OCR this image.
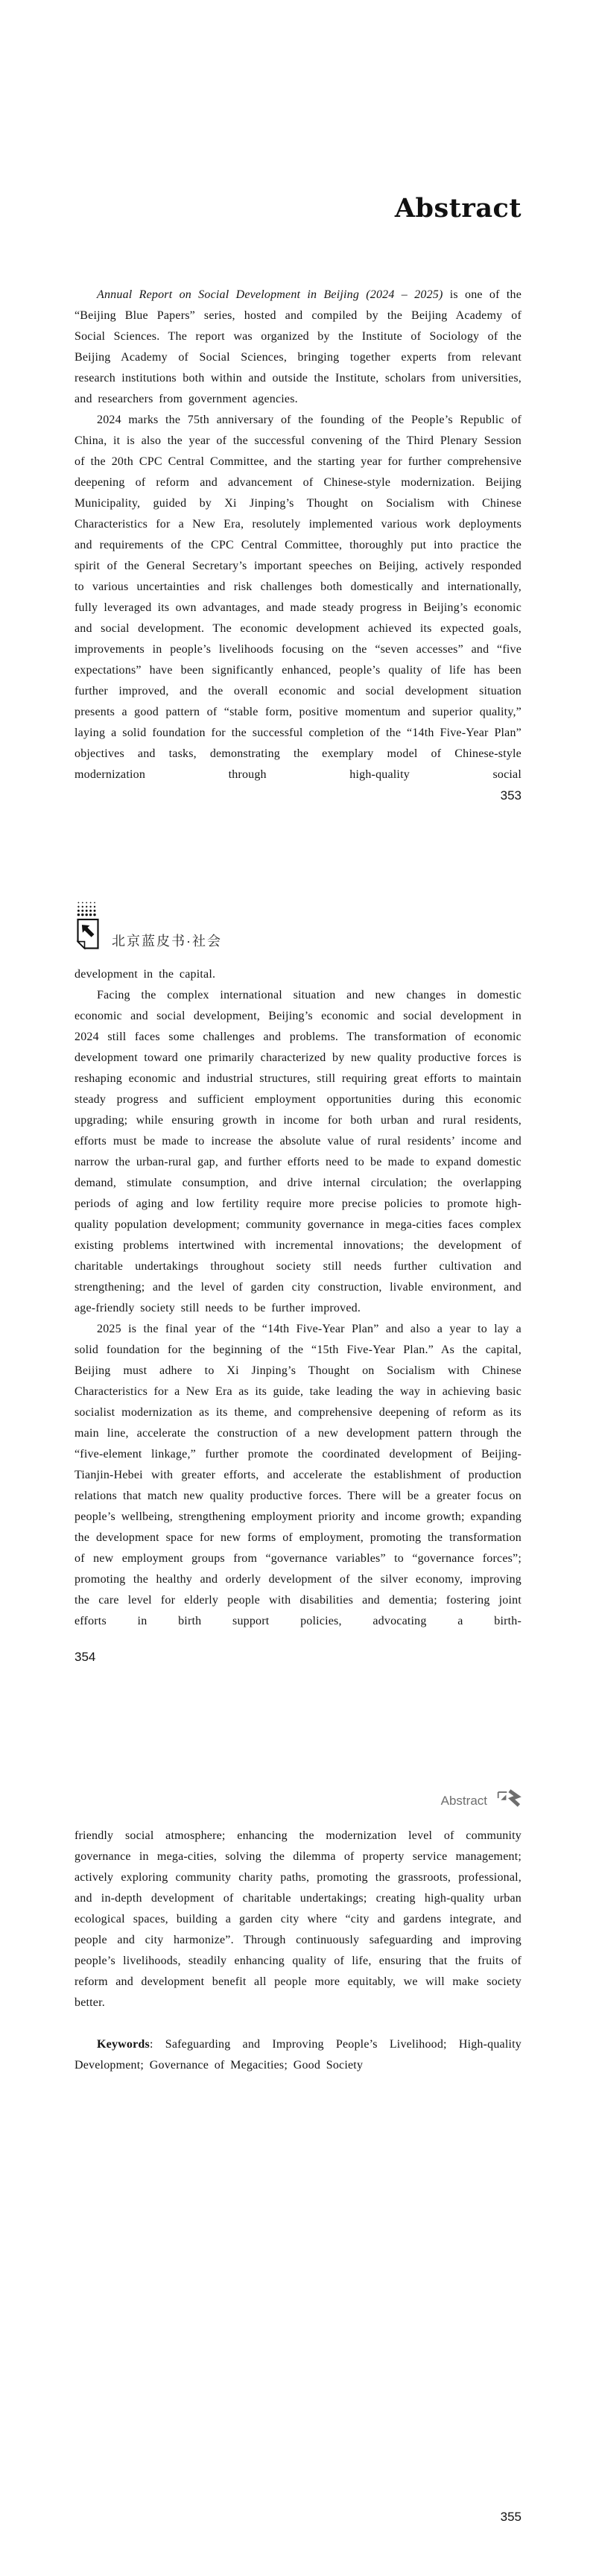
Abstract

Annual Report on Social Development in Beijing (2024 – 2025) is one of the “Beijing Blue Papers” series, hosted and compiled by the Beijing Academy of Social Sciences. The report was organized by the Institute of Sociology of the Beijing Academy of Social Sciences, bringing together experts from relevant research institutions both within and outside the Institute, scholars from universities, and researchers from government agencies.

2024 marks the 75th anniversary of the founding of the People’s Republic of China, it is also the year of the successful convening of the Third Plenary Session of the 20th CPC Central Committee, and the starting year for further comprehensive deepening of reform and advancement of Chinese-style modernization. Beijing Municipality, guided by Xi Jinping’s Thought on Socialism with Chinese Characteristics for a New Era, resolutely implemented various work deployments and requirements of the CPC Central Committee, thoroughly put into practice the spirit of the General Secretary’s important speeches on Beijing, actively responded to various uncertainties and risk challenges both domestically and internationally, fully leveraged its own advantages, and made steady progress in Beijing’s economic and social development. The economic development achieved its expected goals, improvements in people’s livelihoods focusing on the “seven accesses” and “five expectations” have been significantly enhanced, people’s quality of life has been further improved, and the overall economic and social development situation presents a good pattern of “stable form, positive momentum and superior quality,” laying a solid foundation for the successful completion of the “14th Five-Year Plan” objectives and tasks, demonstrating the exemplary model of Chinese-style modernization through high-quality social

353
北京蓝皮书·社会

development in the capital.

Facing the complex international situation and new changes in domestic economic and social development, Beijing’s economic and social development in 2024 still faces some challenges and problems. The transformation of economic development toward one primarily characterized by new quality productive forces is reshaping economic and industrial structures, still requiring great efforts to maintain steady progress and sufficient employment opportunities during this economic upgrading; while ensuring growth in income for both urban and rural residents, efforts must be made to increase the absolute value of rural residents’ income and narrow the urban-rural gap, and further efforts need to be made to expand domestic demand, stimulate consumption, and drive internal circulation; the overlapping periods of aging and low fertility require more precise policies to promote high-quality population development; community governance in mega-cities faces complex existing problems intertwined with incremental innovations; the development of charitable undertakings throughout society still needs further cultivation and strengthening; and the level of garden city construction, livable environment, and age-friendly society still needs to be further improved.

2025 is the final year of the “14th Five-Year Plan” and also a year to lay a solid foundation for the beginning of the “15th Five-Year Plan.” As the capital, Beijing must adhere to Xi Jinping’s Thought on Socialism with Chinese Characteristics for a New Era as its guide, take leading the way in achieving basic socialist modernization as its theme, and comprehensive deepening of reform as its main line, accelerate the construction of a new development pattern through the “five-element linkage,” further promote the coordinated development of Beijing-Tianjin-Hebei with greater efforts, and accelerate the establishment of production relations that match new quality productive forces. There will be a greater focus on people’s wellbeing, strengthening employment priority and income growth; expanding the development space for new forms of employment, promoting the transformation of new employment groups from “governance variables” to “governance forces”; promoting the healthy and orderly development of the silver economy, improving the care level for elderly people with disabilities and dementia; fostering joint efforts in birth support policies, advocating a birth-

354
Abstract

friendly social atmosphere; enhancing the modernization level of community governance in mega-cities, solving the dilemma of property service management; actively exploring community charity paths, promoting the grassroots, professional, and in-depth development of charitable undertakings; creating high-quality urban ecological spaces, building a garden city where “city and gardens integrate, and people and city harmonize”. Through continuously safeguarding and improving people’s livelihoods, steadily enhancing quality of life, ensuring that the fruits of reform and development benefit all people more equitably, we will make society better.

Keywords: Safeguarding and Improving People’s Livelihood; High-quality Development; Governance of Megacities; Good Society

355
